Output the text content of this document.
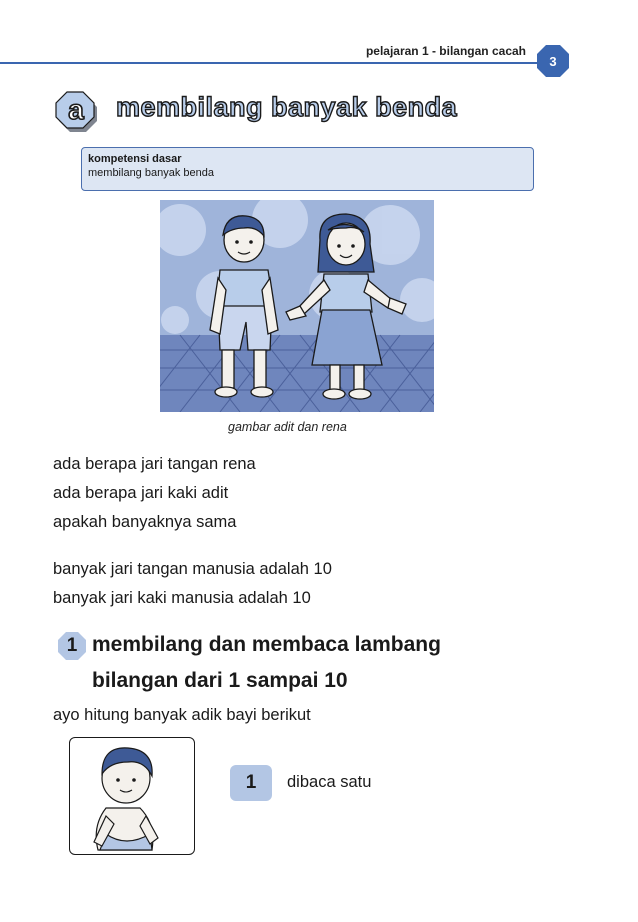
pelajaran 1 - bilangan cacah
3
a	membilang banyak benda
kompetensi dasar
membilang banyak benda
gambar adit dan rena
ada berapa jari tangan rena
ada berapa jari kaki adit
apakah banyaknya sama
banyak jari tangan manusia adalah 10
banyak jari kaki manusia adalah 10
1 membilang dan membaca lambang
bilangan dari 1 sampai 10
ayo hitung banyak adik bayi berikut
1	dibaca satu
